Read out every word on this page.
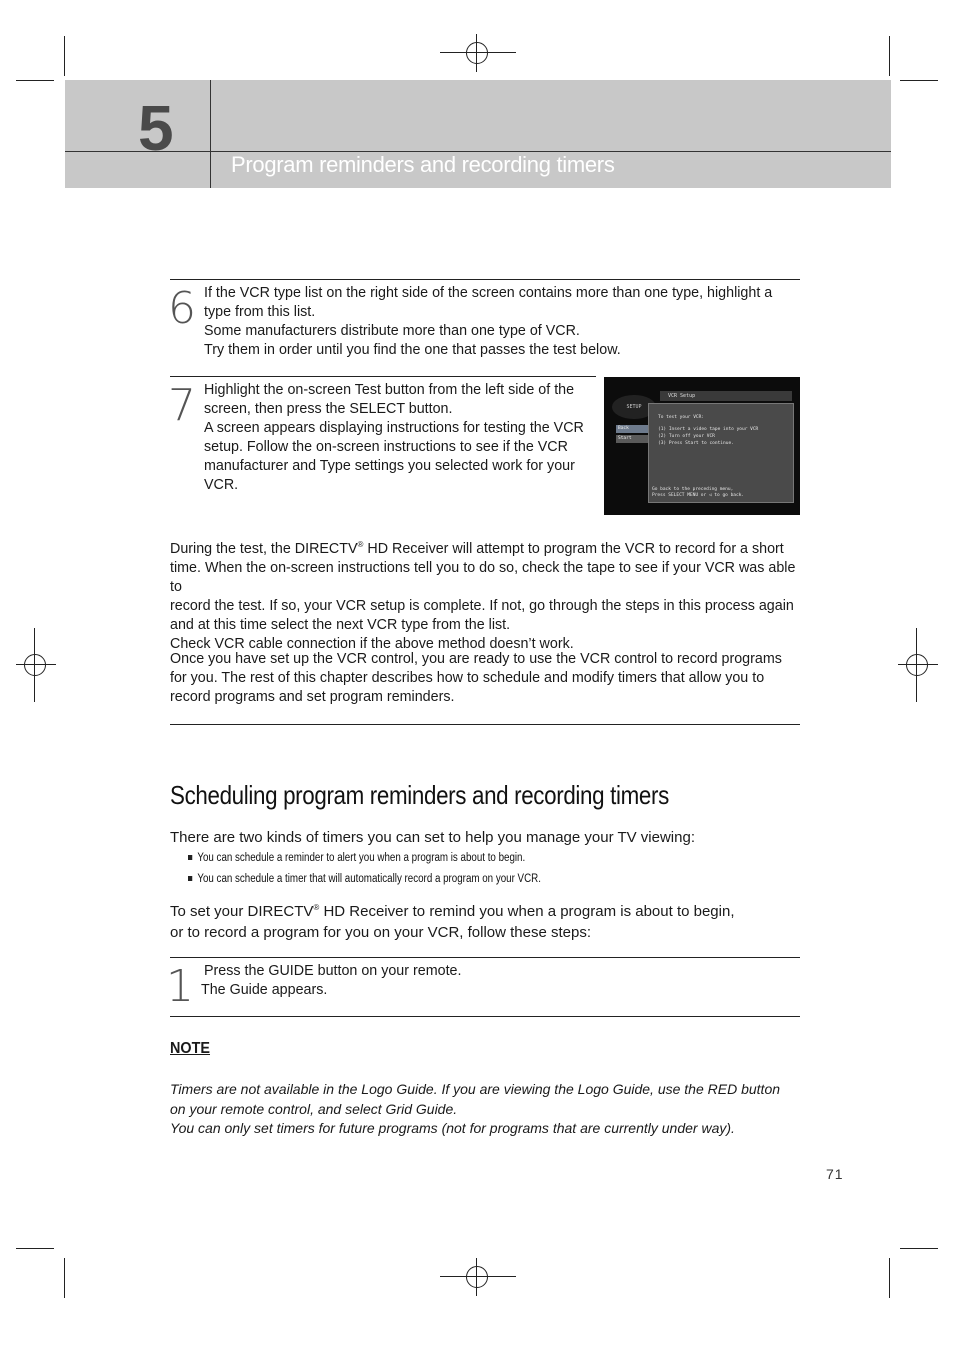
5
Program reminders and recording timers
6 If the VCR type list on the right side of the screen contains more than one type, highlight a

type from this list.

Some manufacturers distribute more than one type of VCR.

Try them in order until you find the one that passes the test below.

7 Highlight the on-screen Test button from the left side of the

screen, then press the SELECT button.

A screen appears displaying instructions for testing the VCR

setup. Follow the on-screen instructions to see if the VCR

manufacturer and Type settings you selected work for your

VCR.

SETUP
VCR Setup
Back
Start
To test your VCR:
(1) Insert a video tape into your VCR
(2) Turn off your VCR
(3) Press Start to continue.
Go back to the preceding menu,
Press SELECT MENU or ◁ to go back.

During the test, the DIRECTV® HD Receiver will attempt to program the VCR to record for a short

time. When the on-screen instructions tell you to do so, check the tape to see if your VCR was able to

record the test. If so, your VCR setup is complete. If not, go through the steps in this process again

and at this time select the next VCR type from the list.

Check VCR cable connection if the above method doesn’t work.

Once you have set up the VCR control, you are ready to use the VCR control to record programs

for you. The rest of this chapter describes how to schedule and modify timers that allow you to

record programs and set program reminders.

Scheduling program reminders and recording timers
There are two kinds of timers you can set to help you manage your TV viewing:
You can schedule a reminder to alert you when a program is about to begin.
You can schedule a timer that will automatically record a program on your VCR.

To set your DIRECTV® HD Receiver to remind you when a program is about to begin,

or to record a program for you on your VCR, follow these steps:

1 Press the GUIDE button on your remote.

The Guide appears.

NOTE

Timers are not available in the Logo Guide. If you are viewing the Logo Guide, use the RED button

on your remote control, and select Grid Guide.

You can only set timers for future programs (not for programs that are currently under way).

71
